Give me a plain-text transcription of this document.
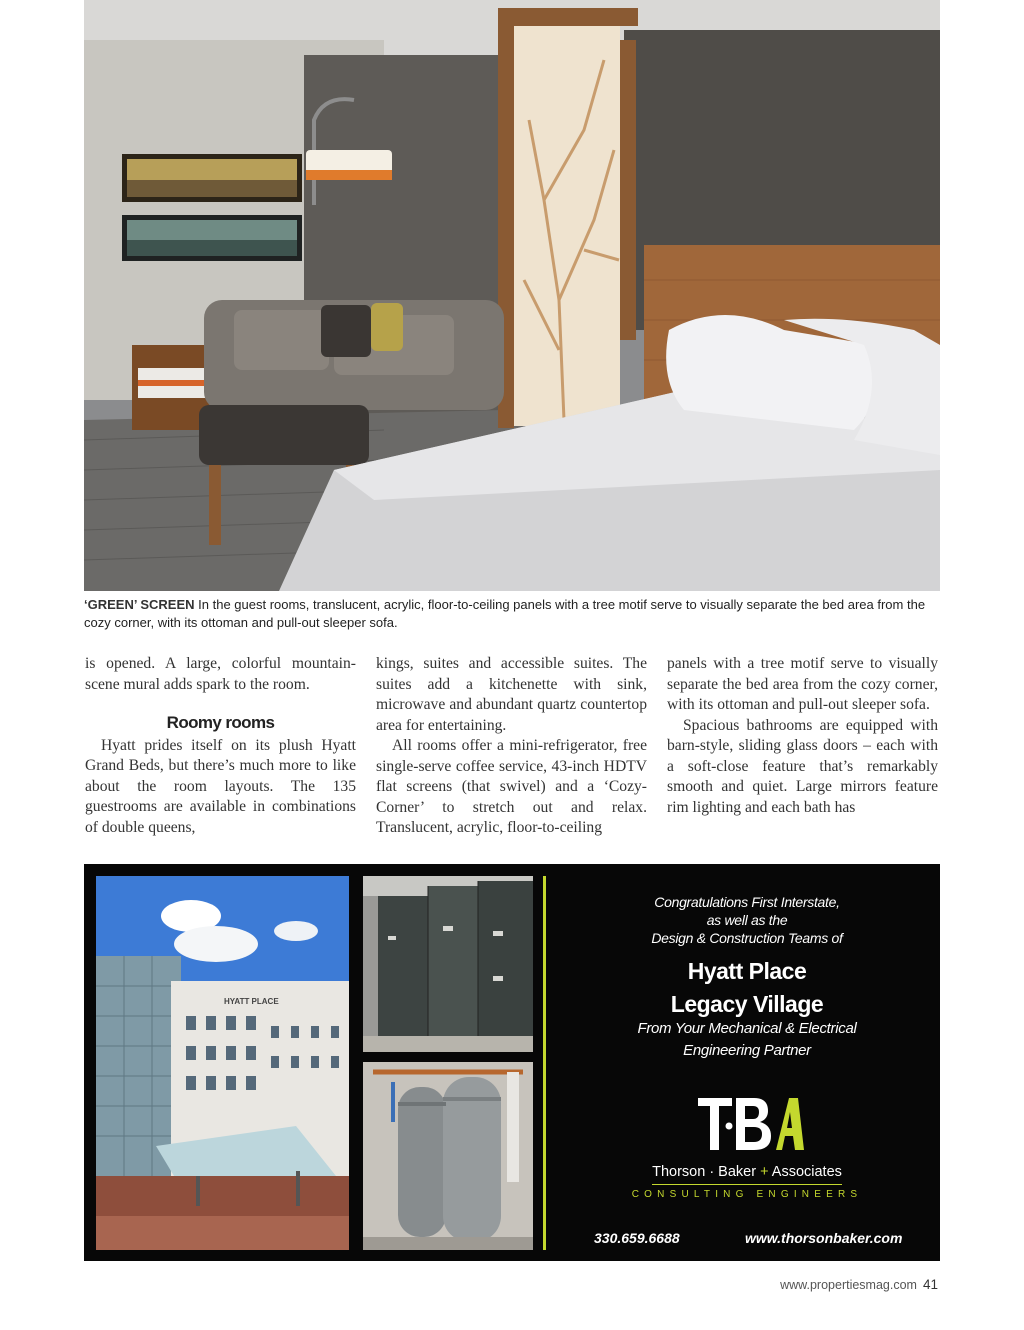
‘GREEN’ SCREEN In the guest rooms, translucent, acrylic, floor-to-ceiling panels with a tree motif serve to visually separate the bed area from the cozy corner, with its ottoman and pull-out sleeper sofa.

is opened. A large, colorful mountain-scene mural adds spark to the room.

Roomy rooms

Hyatt prides itself on its plush Hyatt Grand Beds, but there’s much more to like about the room layouts. The 135 guestrooms are available in combinations of double queens,

kings, suites and accessible suites. The suites add a kitchenette with sink, microwave and abundant quartz countertop area for entertaining.

All rooms offer a mini-refrigerator, free single-serve coffee service, 43-inch HDTV flat screens (that swivel) and a ‘Cozy-Corner’ to stretch out and relax. Translucent, acrylic, floor-to-ceiling

panels with a tree motif serve to visually separate the bed area from the cozy corner, with its ottoman and pull-out sleeper sofa.

Spacious bathrooms are equipped with barn-style, sliding glass doors – each with a soft-close feature that’s remarkably smooth and quiet. Large mirrors feature rim lighting and each bath has

HYATT PLACE
Congratulations First Interstate,
as well as the
Design & Construction Teams of
Hyatt Place
Legacy Village
From Your Mechanical & Electrical
Engineering Partner
Thorson · Baker + Associates
CONSULTING ENGINEERS
330.659.6688	www.thorsonbaker.com
www.propertiesmag.com 41
